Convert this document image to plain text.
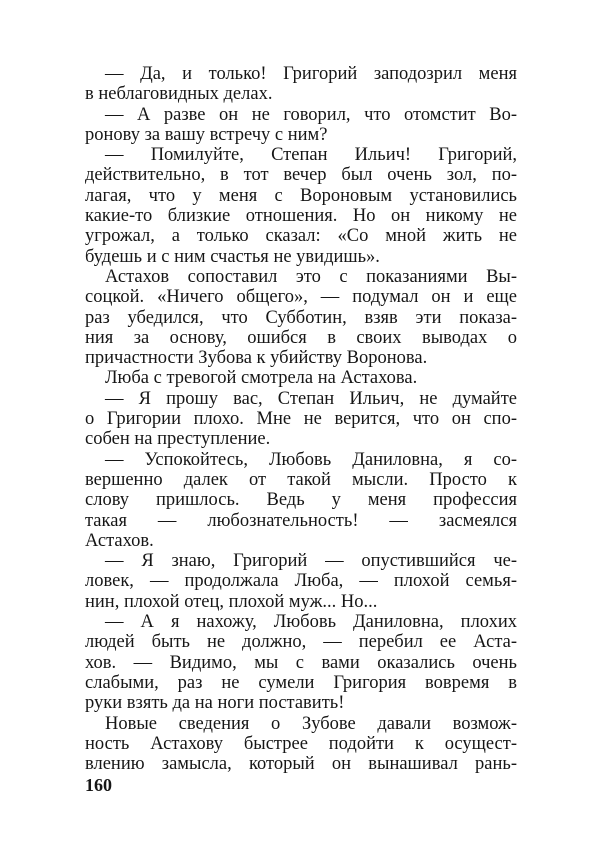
— Да, и только! Григорий заподозрил меня
в неблаговидных делах.
— А разве он не говорил, что отомстит Во-
ронову за вашу встречу с ним?
— Помилуйте, Степан Ильич! Григорий,
действительно, в тот вечер был очень зол, по-
лагая, что у меня с Вороновым установились
какие-то близкие отношения. Но он никому не
угрожал, а только сказал: «Со мной жить не
будешь и с ним счастья не увидишь».
Астахов сопоставил это с показаниями Вы-
соцкой. «Ничего общего», — подумал он и еще
раз убедился, что Субботин, взяв эти показа-
ния за основу, ошибся в своих выводах о
причастности Зубова к убийству Воронова.
Люба с тревогой смотрела на Астахова.
— Я прошу вас, Степан Ильич, не думайте
о Григории плохо. Мне не верится, что он спо-
собен на преступление.
— Успокойтесь, Любовь Даниловна, я со-
вершенно далек от такой мысли. Просто к
слову пришлось. Ведь у меня профессия
такая — любознательность! — засмеялся
Астахов.
— Я знаю, Григорий — опустившийся че-
ловек, — продолжала Люба, — плохой семья-
нин, плохой отец, плохой муж... Но...
— А я нахожу, Любовь Даниловна, плохих
людей быть не должно, — перебил ее Аста-
хов. — Видимо, мы с вами оказались очень
слабыми, раз не сумели Григория вовремя в
руки взять да на ноги поставить!
Новые сведения о Зубове давали возмож-
ность Астахову быстрее подойти к осущест-
влению замысла, который он вынашивал рань-
160
